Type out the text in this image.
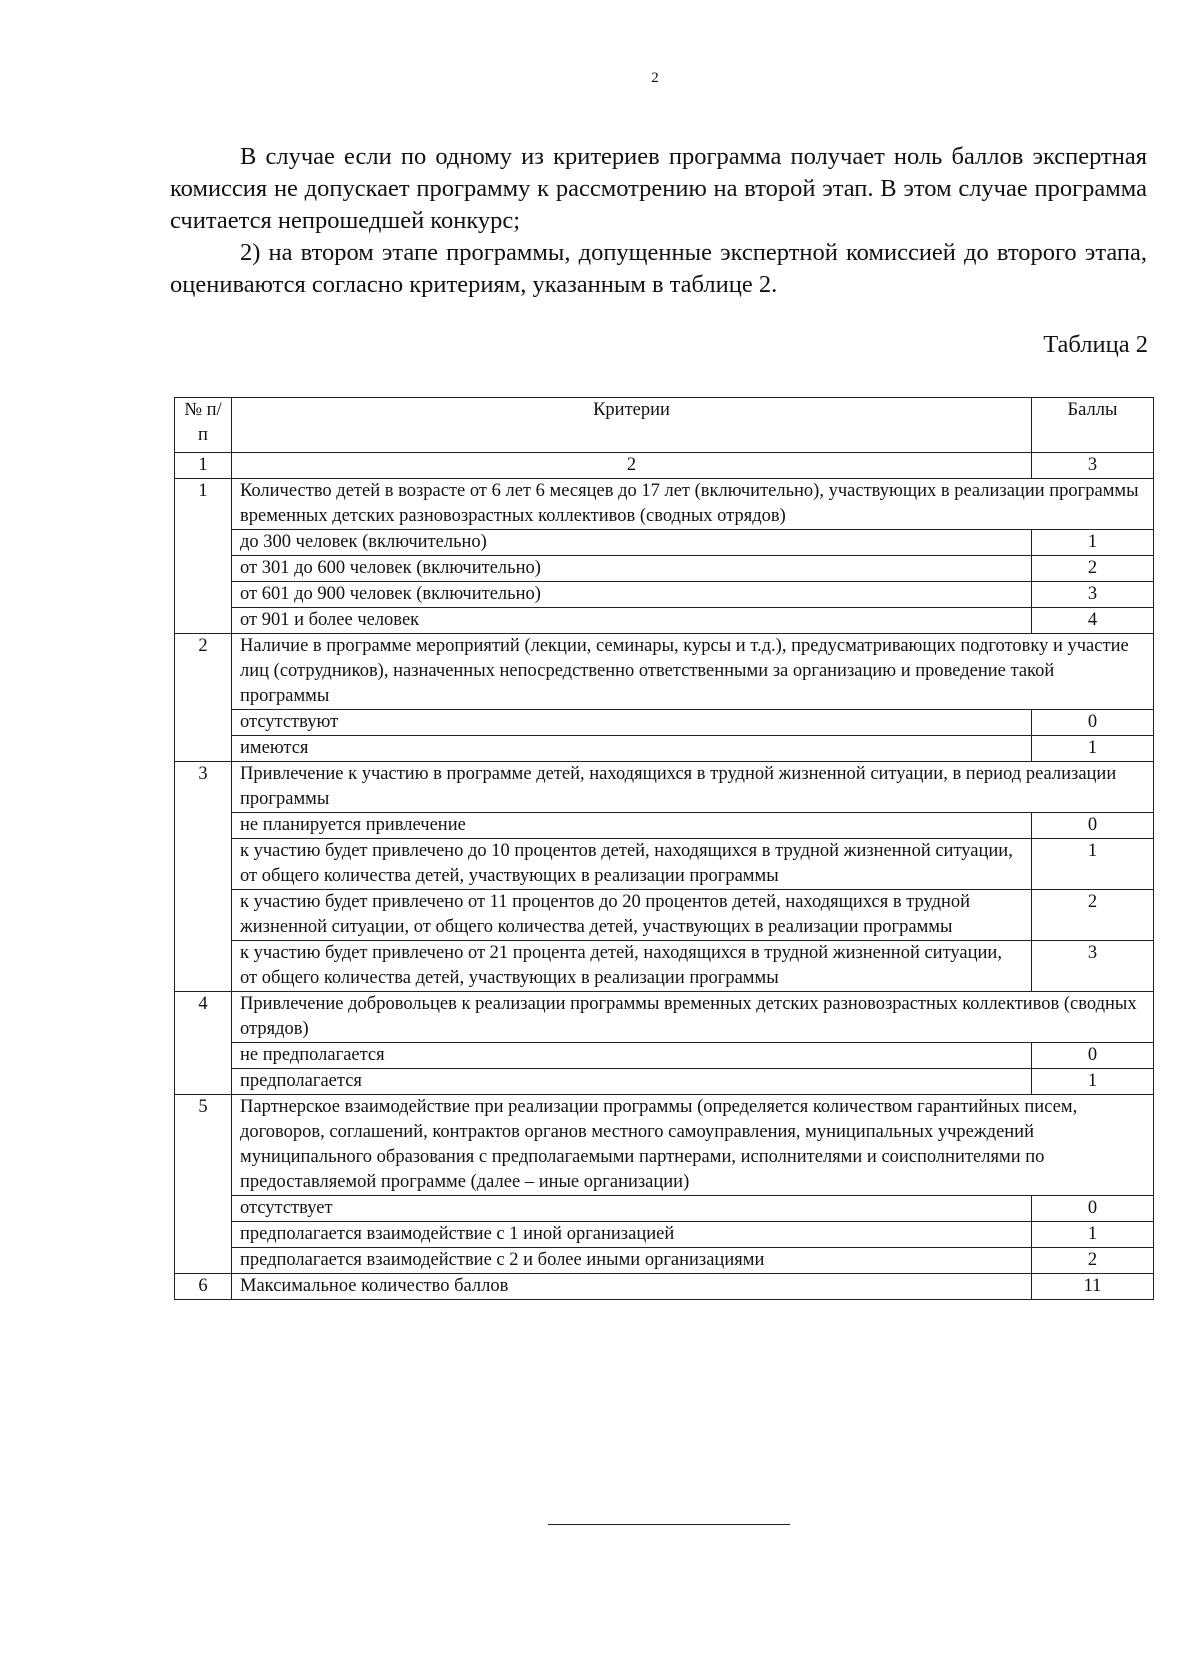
2

В случае если по одному из критериев программа получает ноль баллов экспертная комиссия не допускает программу к рассмотрению на второй этап. В этом случае программа считается непрошедшей конкурс;

2) на втором этапе программы, допущенные экспертной комиссией до второго этапа, оцениваются согласно критериям, указанным в таблице 2.

Таблица 2
№ п/п	Критерии	Баллы
1	2	3
1	Количество детей в возрасте от 6 лет 6 месяцев до 17 лет (включительно), участвующих в реализации программы временных детских разновозрастных коллективов (сводных отрядов)	
	до 300 человек (включительно)	1
	от 301 до 600 человек (включительно)	2
	от 601 до 900 человек (включительно)	3
	от 901 и более человек	4
2	Наличие в программе мероприятий (лекции, семинары, курсы и т.д.), предусматривающих подготовку и участие лиц (сотрудников), назначенных непосредственно ответственными за организацию и проведение такой программы	
	отсутствуют	0
	имеются	1
3	Привлечение к участию в программе детей, находящихся в трудной жизненной ситуации, в период реализации программы	
	не планируется привлечение	0
	к участию будет привлечено до 10 процентов детей, находящихся в трудной жизненной ситуации, от общего количества детей, участвующих в реализации программы	1
	к участию будет привлечено от 11 процентов до 20 процентов детей, находящихся в трудной жизненной ситуации, от общего количества детей, участвующих в реализации программы	2
	к участию будет привлечено от 21 процента детей, находящихся в трудной жизненной ситуации, от общего количества детей, участвующих в реализации программы	3
4	Привлечение добровольцев к реализации программы временных детских разновозрастных коллективов (сводных отрядов)	
	не предполагается	0
	предполагается	1
5	Партнерское взаимодействие при реализации программы (определяется количеством гарантийных писем, договоров, соглашений, контрактов органов местного самоуправления, муниципальных учреждений муниципального образования с предполагаемыми партнерами, исполнителями и соисполнителями по предоставляемой программе (далее – иные организации)	
	отсутствует	0
	предполагается взаимодействие с 1 иной организацией	1
	предполагается взаимодействие с 2 и более иными организациями	2
6	Максимальное количество баллов	11
